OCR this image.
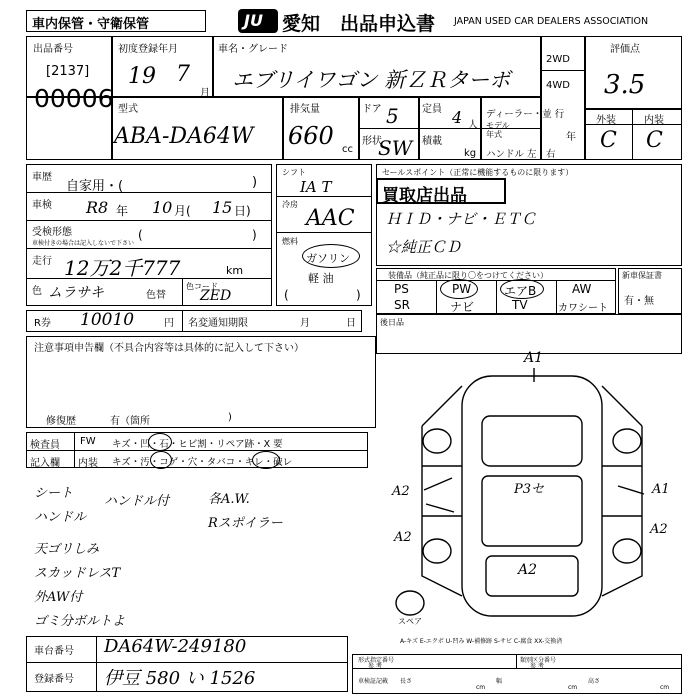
車内保管・守衛保管	JU 愛知 出品申込書 JAPAN USED CAR DEALERS ASSOCIATION
出品番号
[2137]
00006
初度登録年月
19 7
月
車名・グレード
エブリイワゴン 新ＺＲターボ
2WD
4WD
評価点
3.5
型式
ABA-DA64W
排気量
660 cc
ドア 5
形状
SW
定員 4 人
積載
kg
ディーラー・並 行
モデル
年式	年
ハンドル 左・右
外装	内装
C C
車歴
自家用・(	)
車検 R8 年 10 月( 15 日)
受検形態
車検付きの場合は記入しないで下さい
(	)
走行 12万2千777	km
色 ムラサキ	色替
色コード
ZED
シフト
IA T
冷房
AAC
燃料
ガソリン
軽 油
(	)
セールスポイント（正常に機能するものに限ります）
買取店出品
ＨＩＤ・ナビ・ＥＴＣ
☆純正ＣＤ
装備品（純正品に限り〇をつけてください）
PS	PW	エアB	AW
SR	ナビ	TV	カワシート
新車保証書
有・無
R券 10010	円 名変通知期限	月	日	後日品
注意事項申告欄（不具合内容等は具体的に記入して下さい）
修復歴	有（箇所	)
検査員
記入欄
FW キズ・凹・石・ヒビ割・リペア跡・X 要
内装 キズ・汚・コゲ・穴・タバコ・キレ・破レ
シート
ハンドル
天ゴリしみ
スカッドレスT
外AW付
ゴミ分ボルトよ
ハンドル付	各A.W.
Rスポイラー
A1
A2
A2
A1
A2
P3セ
A2
スペア
A-キズ E-エクボ U-凹み W-補修跡 S-サビ C-腐食 XX-交換済
車台番号 DA64W-249180
登録番号 伊豆 580 い 1526
形式指定番号
参 考
類別区分番号
参 考
車検証記載 長さ
cm
幅
cm
高さ
cm
